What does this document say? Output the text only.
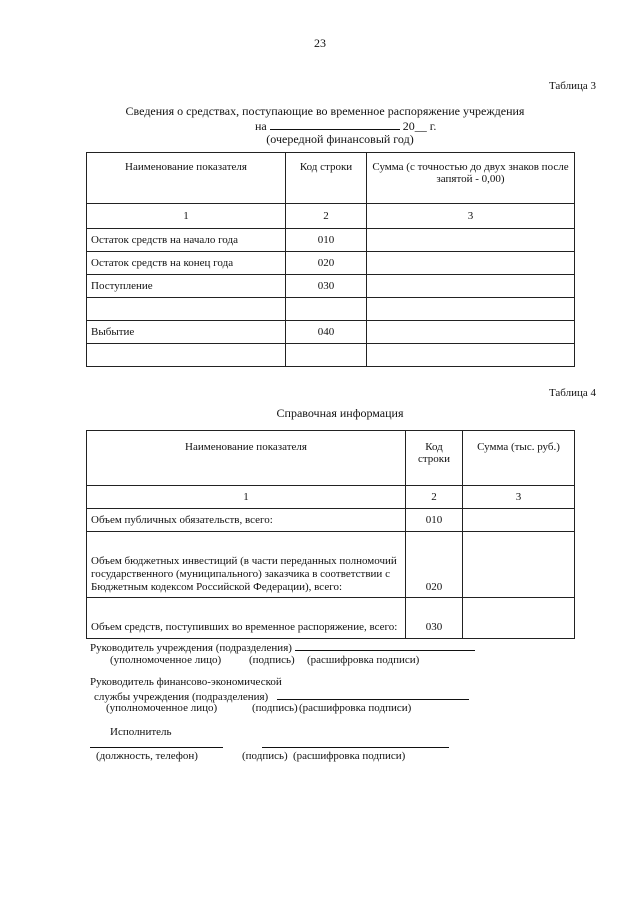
23
Таблица 3
Сведения о средствах, поступающие во временное распоряжение учреждения
на	20__ г.
(очередной финансовый год)
Наименование показателя	Код строки	Сумма (с точностью до двух знаков после запятой - 0,00)
1	2	3
Остаток средств на начало года	010	
Остаток средств на конец года	020	
Поступление	030	

Выбытие	040	

Таблица 4
Справочная информация
Наименование показателя	Код строки	Сумма (тыс. руб.)
1	2	3
Объем публичных обязательств, всего:	010	
Объем бюджетных инвестиций (в части переданных полномочий государственного (муниципального) заказчика в соответствии с Бюджетным кодексом Российской Федерации), всего:	020	
Объем средств, поступивших во временное распоряжение, всего:	030	
Руководитель учреждения (подразделения)
(уполномоченное лицо)	(подпись) (расшифровка подписи)
Руководитель финансово-экономической
службы учреждения (подразделения)
(уполномоченное лицо)	(подпись) (расшифровка подписи)
Исполнитель
(должность, телефон)	(подпись) (расшифровка подписи)
